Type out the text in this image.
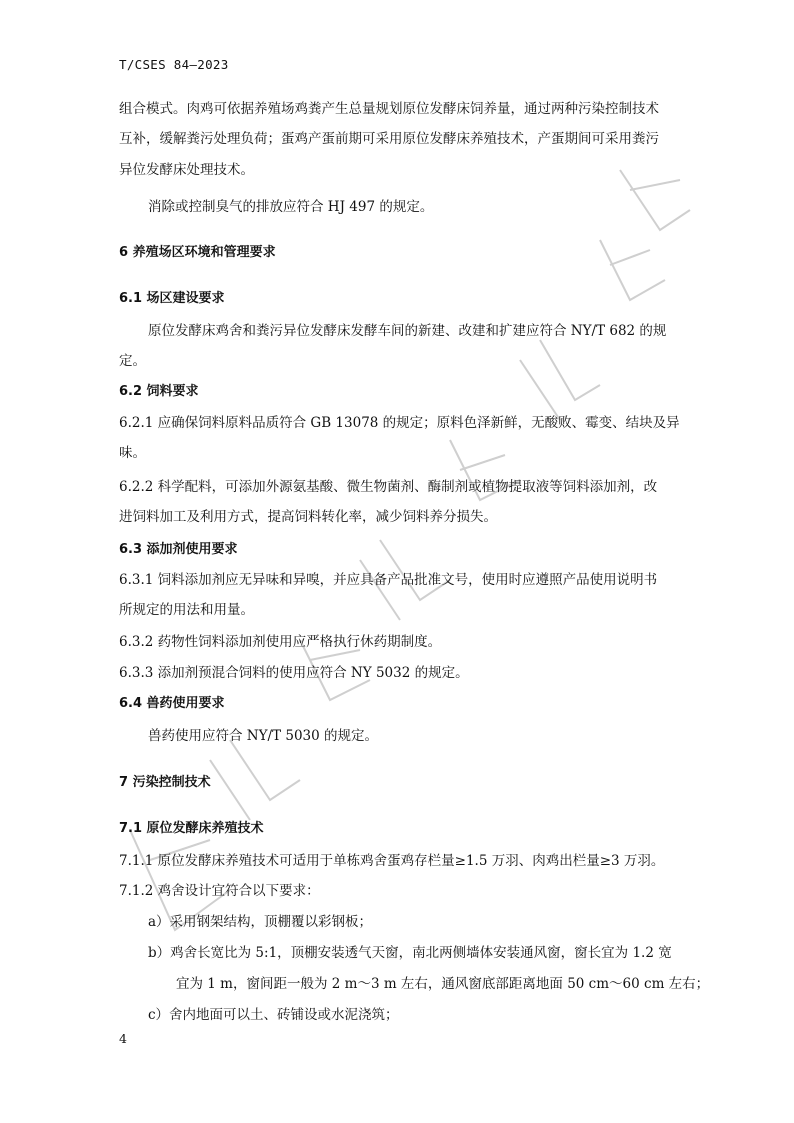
T/CSES 84—2023
组合模式。肉鸡可依据养殖场鸡粪产生总量规划原位发酵床饲养量，通过两种污染控制技术
互补，缓解粪污处理负荷；蛋鸡产蛋前期可采用原位发酵床养殖技术，产蛋期间可采用粪污
异位发酵床处理技术。
消除或控制臭气的排放应符合 HJ 497 的规定。
6 养殖场区环境和管理要求
6.1 场区建设要求
原位发酵床鸡舍和粪污异位发酵床发酵车间的新建、改建和扩建应符合 NY/T 682 的规
定。
6.2 饲料要求
6.2.1 应确保饲料原料品质符合 GB 13078 的规定；原料色泽新鲜，无酸败、霉变、结块及异
味。
6.2.2 科学配料，可添加外源氨基酸、微生物菌剂、酶制剂或植物提取液等饲料添加剂，改
进饲料加工及利用方式，提高饲料转化率，减少饲料养分损失。
6.3 添加剂使用要求
6.3.1 饲料添加剂应无异味和异嗅，并应具备产品批准文号，使用时应遵照产品使用说明书
所规定的用法和用量。
6.3.2 药物性饲料添加剂使用应严格执行休药期制度。
6.3.3 添加剂预混合饲料的使用应符合 NY 5032 的规定。
6.4 兽药使用要求
兽药使用应符合 NY/T 5030 的规定。
7 污染控制技术
7.1 原位发酵床养殖技术
7.1.1 原位发酵床养殖技术可适用于单栋鸡舍蛋鸡存栏量≥1.5 万羽、肉鸡出栏量≥3 万羽。
7.1.2 鸡舍设计宜符合以下要求：
a）采用钢架结构，顶棚覆以彩钢板；
b）鸡舍长宽比为 5:1，顶棚安装透气天窗，南北两侧墙体安装通风窗，窗长宜为 1.2 宽
宜为 1 m，窗间距一般为 2 m～3 m 左右，通风窗底部距离地面 50 cm～60 cm 左右；
c）舍内地面可以土、砖铺设或水泥浇筑；
4
